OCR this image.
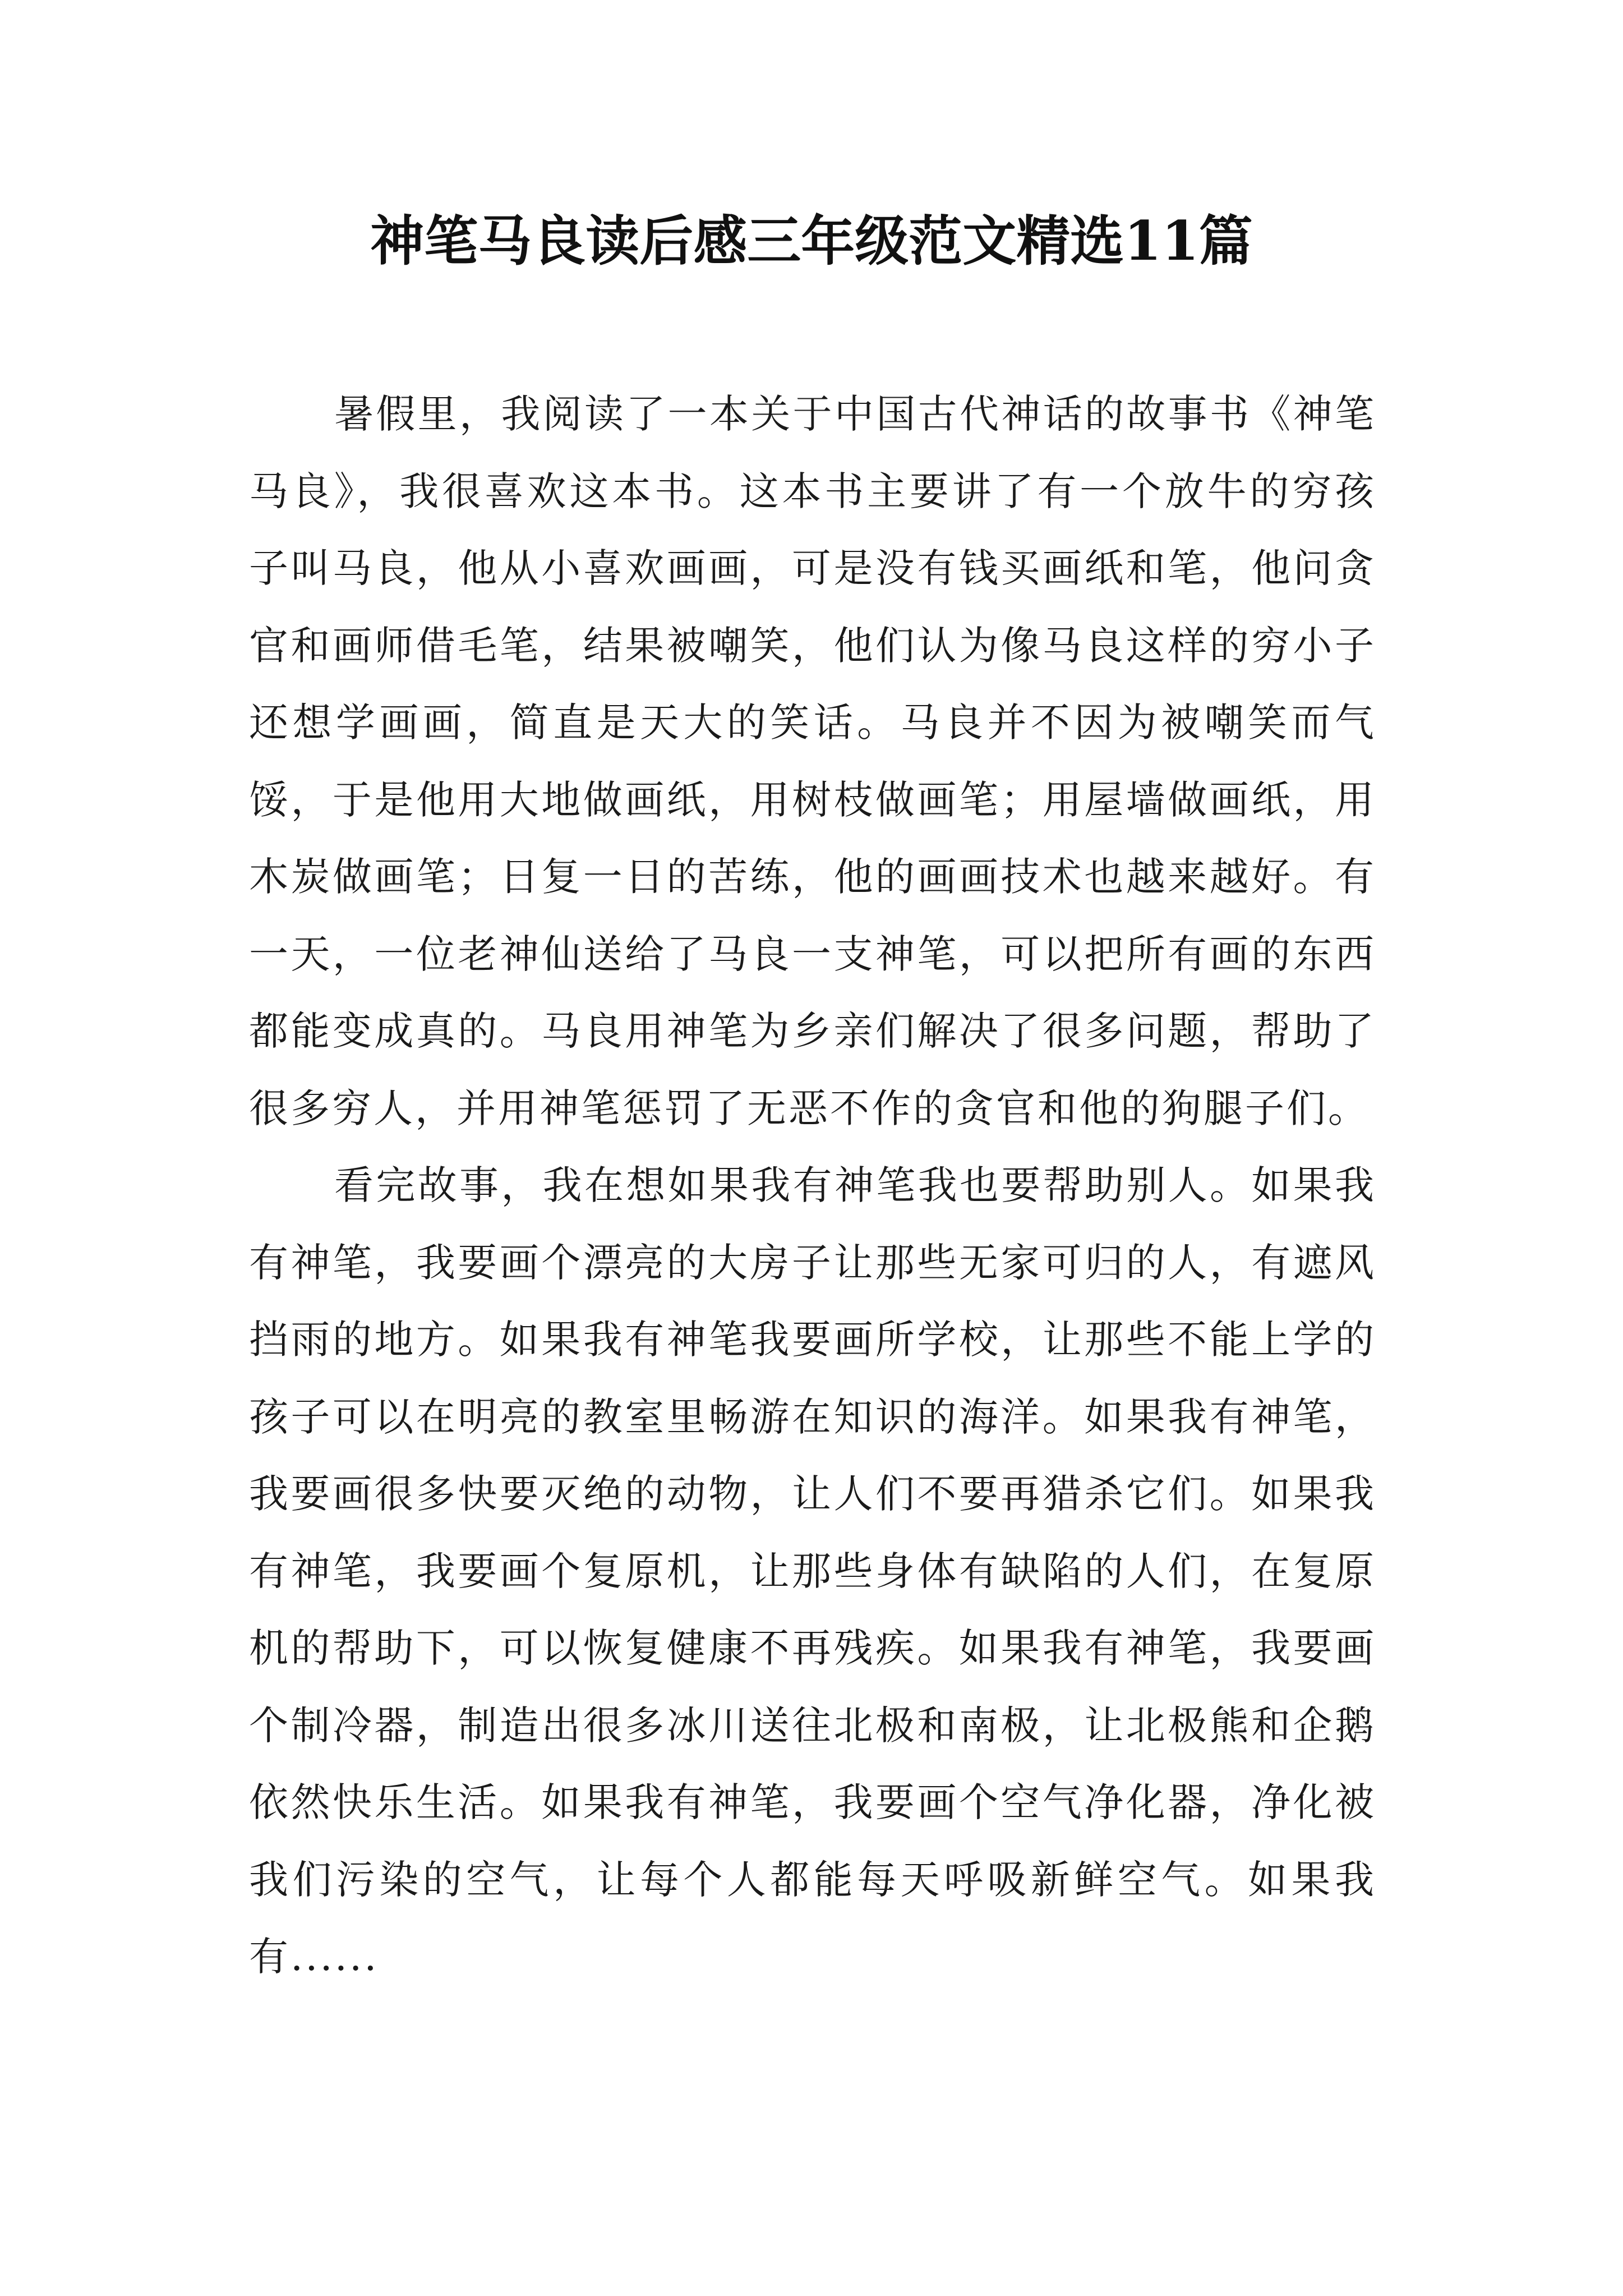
神笔马良读后感三年级范文精选11篇

暑假里，我阅读了一本关于中国古代神话的故事书《神笔马良》，我很喜欢这本书。这本书主要讲了有一个放牛的穷孩子叫马良，他从小喜欢画画，可是没有钱买画纸和笔，他问贪官和画师借毛笔，结果被嘲笑，他们认为像马良这样的穷小子还想学画画，简直是天大的笑话。马良并不因为被嘲笑而气馁，于是他用大地做画纸，用树枝做画笔；用屋墙做画纸，用木炭做画笔；日复一日的苦练，他的画画技术也越来越好。有一天，一位老神仙送给了马良一支神笔，可以把所有画的东西都能变成真的。马良用神笔为乡亲们解决了很多问题，帮助了很多穷人，并用神笔惩罚了无恶不作的贪官和他的狗腿子们。

看完故事，我在想如果我有神笔我也要帮助别人。如果我有神笔，我要画个漂亮的大房子让那些无家可归的人，有遮风挡雨的地方。如果我有神笔我要画所学校，让那些不能上学的孩子可以在明亮的教室里畅游在知识的海洋。如果我有神笔，我要画很多快要灭绝的动物，让人们不要再猎杀它们。如果我有神笔，我要画个复原机，让那些身体有缺陷的人们，在复原机的帮助下，可以恢复健康不再残疾。如果我有神笔，我要画个制冷器，制造出很多冰川送往北极和南极，让北极熊和企鹅依然快乐生活。如果我有神笔，我要画个空气净化器，净化被我们污染的空气，让每个人都能每天呼吸新鲜空气。如果我有......
